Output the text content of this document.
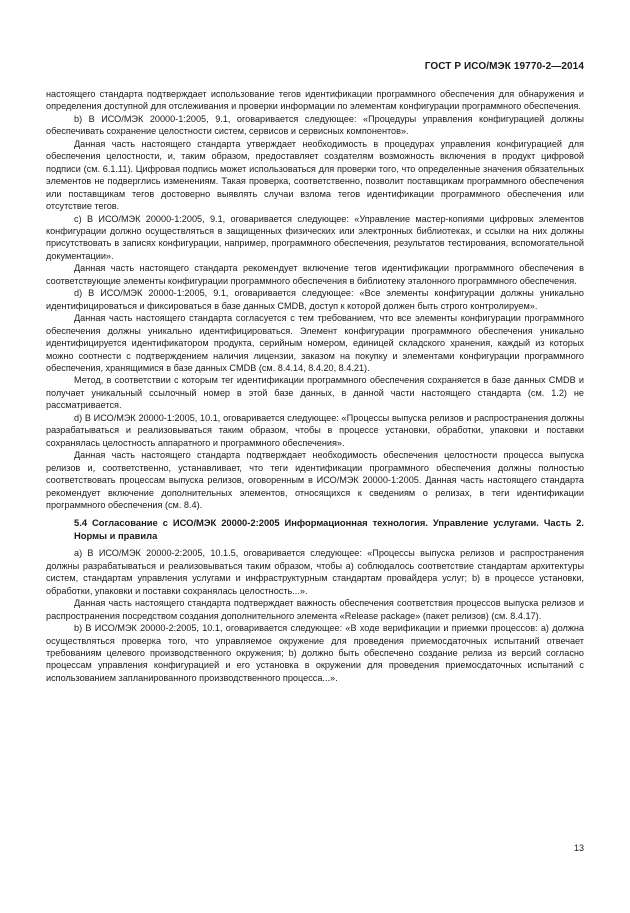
ГОСТ Р ИСО/МЭК 19770-2—2014

настоящего стандарта подтверждает использование тегов идентификации программного обеспечения для обнаружения и определения доступной для отслеживания и проверки информации по элементам конфигурации программного обеспечения.

b) В ИСО/МЭК 20000-1:2005, 9.1, оговаривается следующее: «Процедуры управления конфигурацией должны обеспечивать сохранение целостности систем, сервисов и сервисных компонентов».

Данная часть настоящего стандарта утверждает необходимость в процедурах управления конфигурацией для обеспечения целостности, и, таким образом, предоставляет создателям возможность включения в продукт цифровой подписи (см. 6.1.11). Цифровая подпись может использоваться для проверки того, что определенные значения обязательных элементов не подверглись изменениям. Такая проверка, соответственно, позволит поставщикам программного обеспечения или поставщикам тегов достоверно выявлять случаи взлома тегов идентификации программного обеспечения или отсутствие тегов.

c) В ИСО/МЭК 20000-1:2005, 9.1, оговаривается следующее: «Управление мастер-копиями цифровых элементов конфигурации должно осуществляться в защищенных физических или электронных библиотеках, и ссылки на них должны присутствовать в записях конфигурации, например, программного обеспечения, результатов тестирования, вспомогательной документации».

Данная часть настоящего стандарта рекомендует включение тегов идентификации программного обеспечения в соответствующие элементы конфигурации программного обеспечения в библиотеку эталонного программного обеспечения.

d) В ИСО/МЭК 20000-1:2005, 9.1, оговаривается следующее: «Все элементы конфигурации должны уникально идентифицироваться и фиксироваться в базе данных CMDB, доступ к которой должен быть строго контролируем».

Данная часть настоящего стандарта согласуется с тем требованием, что все элементы конфигурации программного обеспечения должны уникально идентифицироваться. Элемент конфигурации программного обеспечения уникально идентифицируется идентификатором продукта, серийным номером, единицей складского хранения, каждый из которых можно соотнести с подтверждением наличия лицензии, заказом на покупку и элементами конфигурации программного обеспечения, хранящимися в базе данных CMDB (см. 8.4.14, 8.4.20, 8.4.21).

Метод, в соответствии с которым тег идентификации программного обеспечения сохраняется в базе данных CMDB и получает уникальный ссылочный номер в этой базе данных, в данной части настоящего стандарта (см. 1.2) не рассматривается.

d) В ИСО/МЭК 20000-1:2005, 10.1, оговаривается следующее: «Процессы выпуска релизов и распространения должны разрабатываться и реализовываться таким образом, чтобы в процессе установки, обработки, упаковки и поставки сохранялась целостность аппаратного и программного обеспечения».

Данная часть настоящего стандарта подтверждает необходимость обеспечения целостности процесса выпуска релизов и, соответственно, устанавливает, что теги идентификации программного обеспечения должны полностью соответствовать процессам выпуска релизов, оговоренным в ИСО/МЭК 20000-1:2005. Данная часть настоящего стандарта рекомендует включение дополнительных элементов, относящихся к сведениям о релизах, в теги идентификации программного обеспечения (см. 8.4).

5.4 Согласование с ИСО/МЭК 20000-2:2005 Информационная технология. Управление услугами. Часть 2. Нормы и правила

a) В ИСО/МЭК 20000-2:2005, 10.1.5, оговаривается следующее: «Процессы выпуска релизов и распространения должны разрабатываться и реализовываться таким образом, чтобы a) соблюдалось соответствие стандартам архитектуры систем, стандартам управления услугами и инфраструктурным стандартам провайдера услуг; b) в процессе установки, обработки, упаковки и поставки сохранялась целостность...».

Данная часть настоящего стандарта подтверждает важность обеспечения соответствия процессов выпуска релизов и распространения посредством создания дополнительного элемента «Release package» (пакет релизов) (см. 8.4.17).

b) В ИСО/МЭК 20000-2:2005, 10.1, оговаривается следующее: «В ходе верификации и приемки процессов: a) должна осуществляться проверка того, что управляемое окружение для проведения приемосдаточных испытаний отвечает требованиям целевого производственного окружения; b) должно быть обеспечено создание релиза из версий согласно процессам управления конфигурацией и его установка в окружении для проведения приемосдаточных испытаний с использованием запланированного производственного процесса...».

13
